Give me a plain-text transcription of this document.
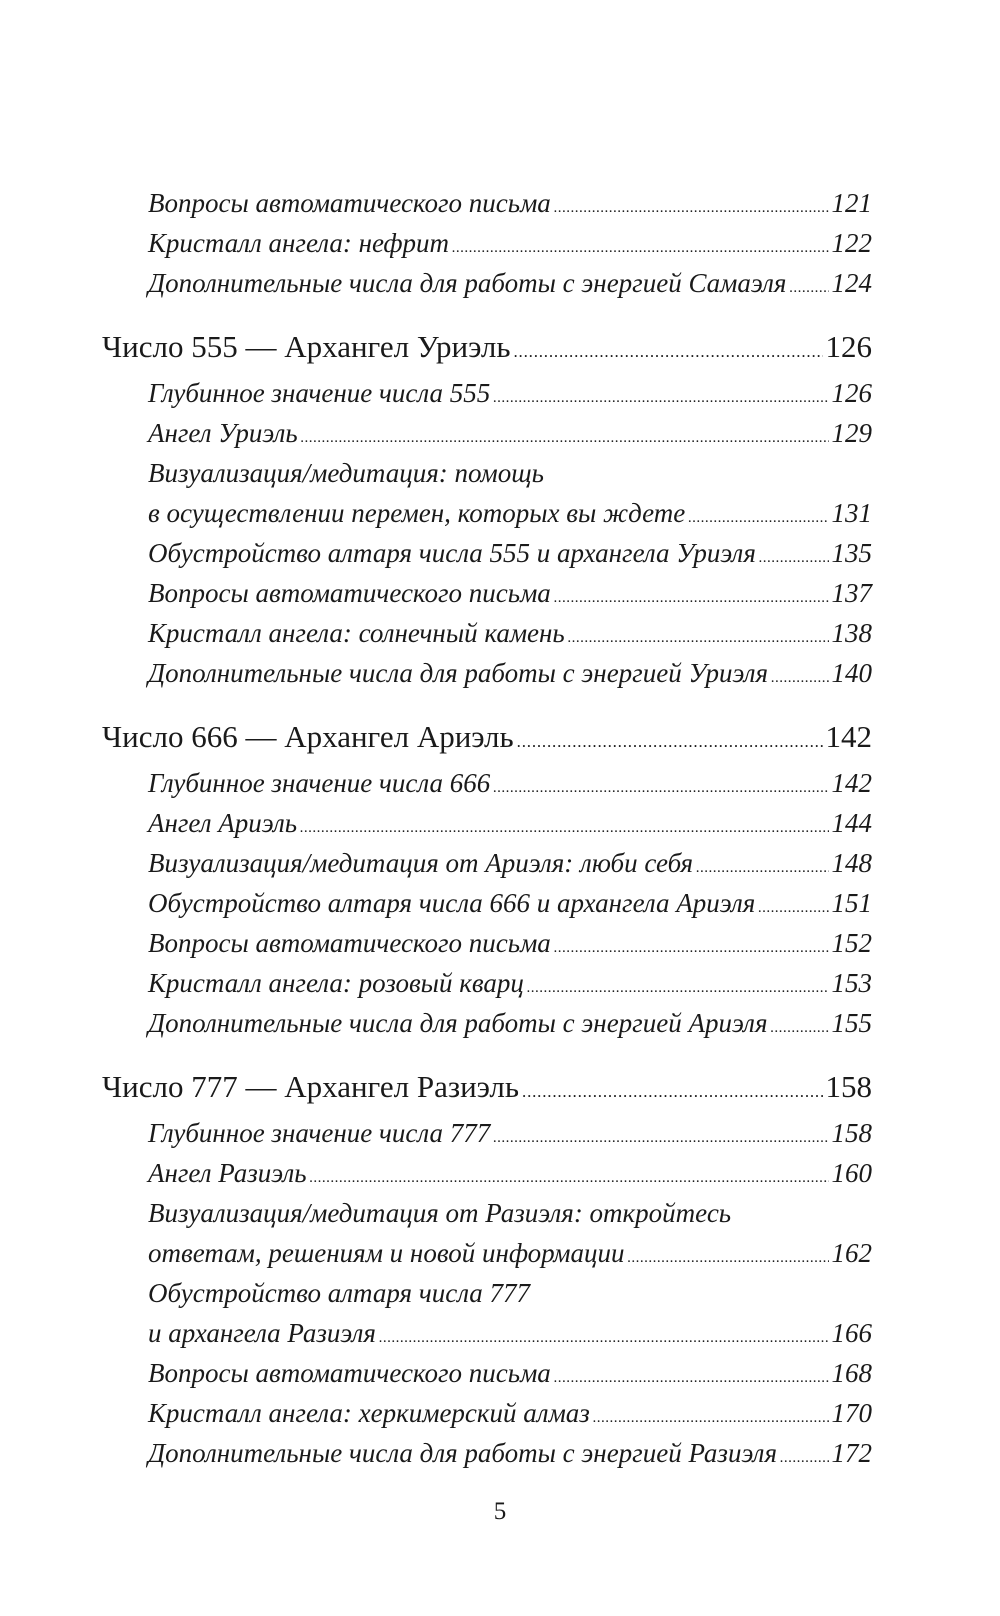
Вопросы автоматического письма .....	121
Кристалл ангела: нефрит .....	122
Дополнительные числа для работы с энергией Самаэля ..... 124
Число 555 — Архангел Уриэль .....	126
Глубинное значение числа 555 .....	126
Ангел Уриэль .....	129
Визуализация/медитация: помощь
в осуществлении перемен, которых вы ждете .....	131
Обустройство алтаря числа 555 и архангела Уриэля .....	135
Вопросы автоматического письма .....	137
Кристалл ангела: солнечный камень .....	138
Дополнительные числа для работы с энергией Уриэля ..... 140
Число 666 — Архангел Ариэль .....	142
Глубинное значение числа 666 .....	142
Ангел Ариэль .....	144
Визуализация/медитация от Ариэля: люби себя .....	148
Обустройство алтаря числа 666 и архангела Ариэля .....	151
Вопросы автоматического письма .....	152
Кристалл ангела: розовый кварц .....	153
Дополнительные числа для работы с энергией Ариэля ..... 155
Число 777 — Архангел Разиэль .....	158
Глубинное значение числа 777 .....	158
Ангел Разиэль .....	160
Визуализация/медитация от Разиэля: откройтесь
ответам, решениям и новой информации .....	162
Обустройство алтаря числа 777
и архангела Разиэля .....	166
Вопросы автоматического письма .....	168
Кристалл ангела: херкимерский алмаз .....	170
Дополнительные числа для работы с энергией Разиэля ..... 172
5
